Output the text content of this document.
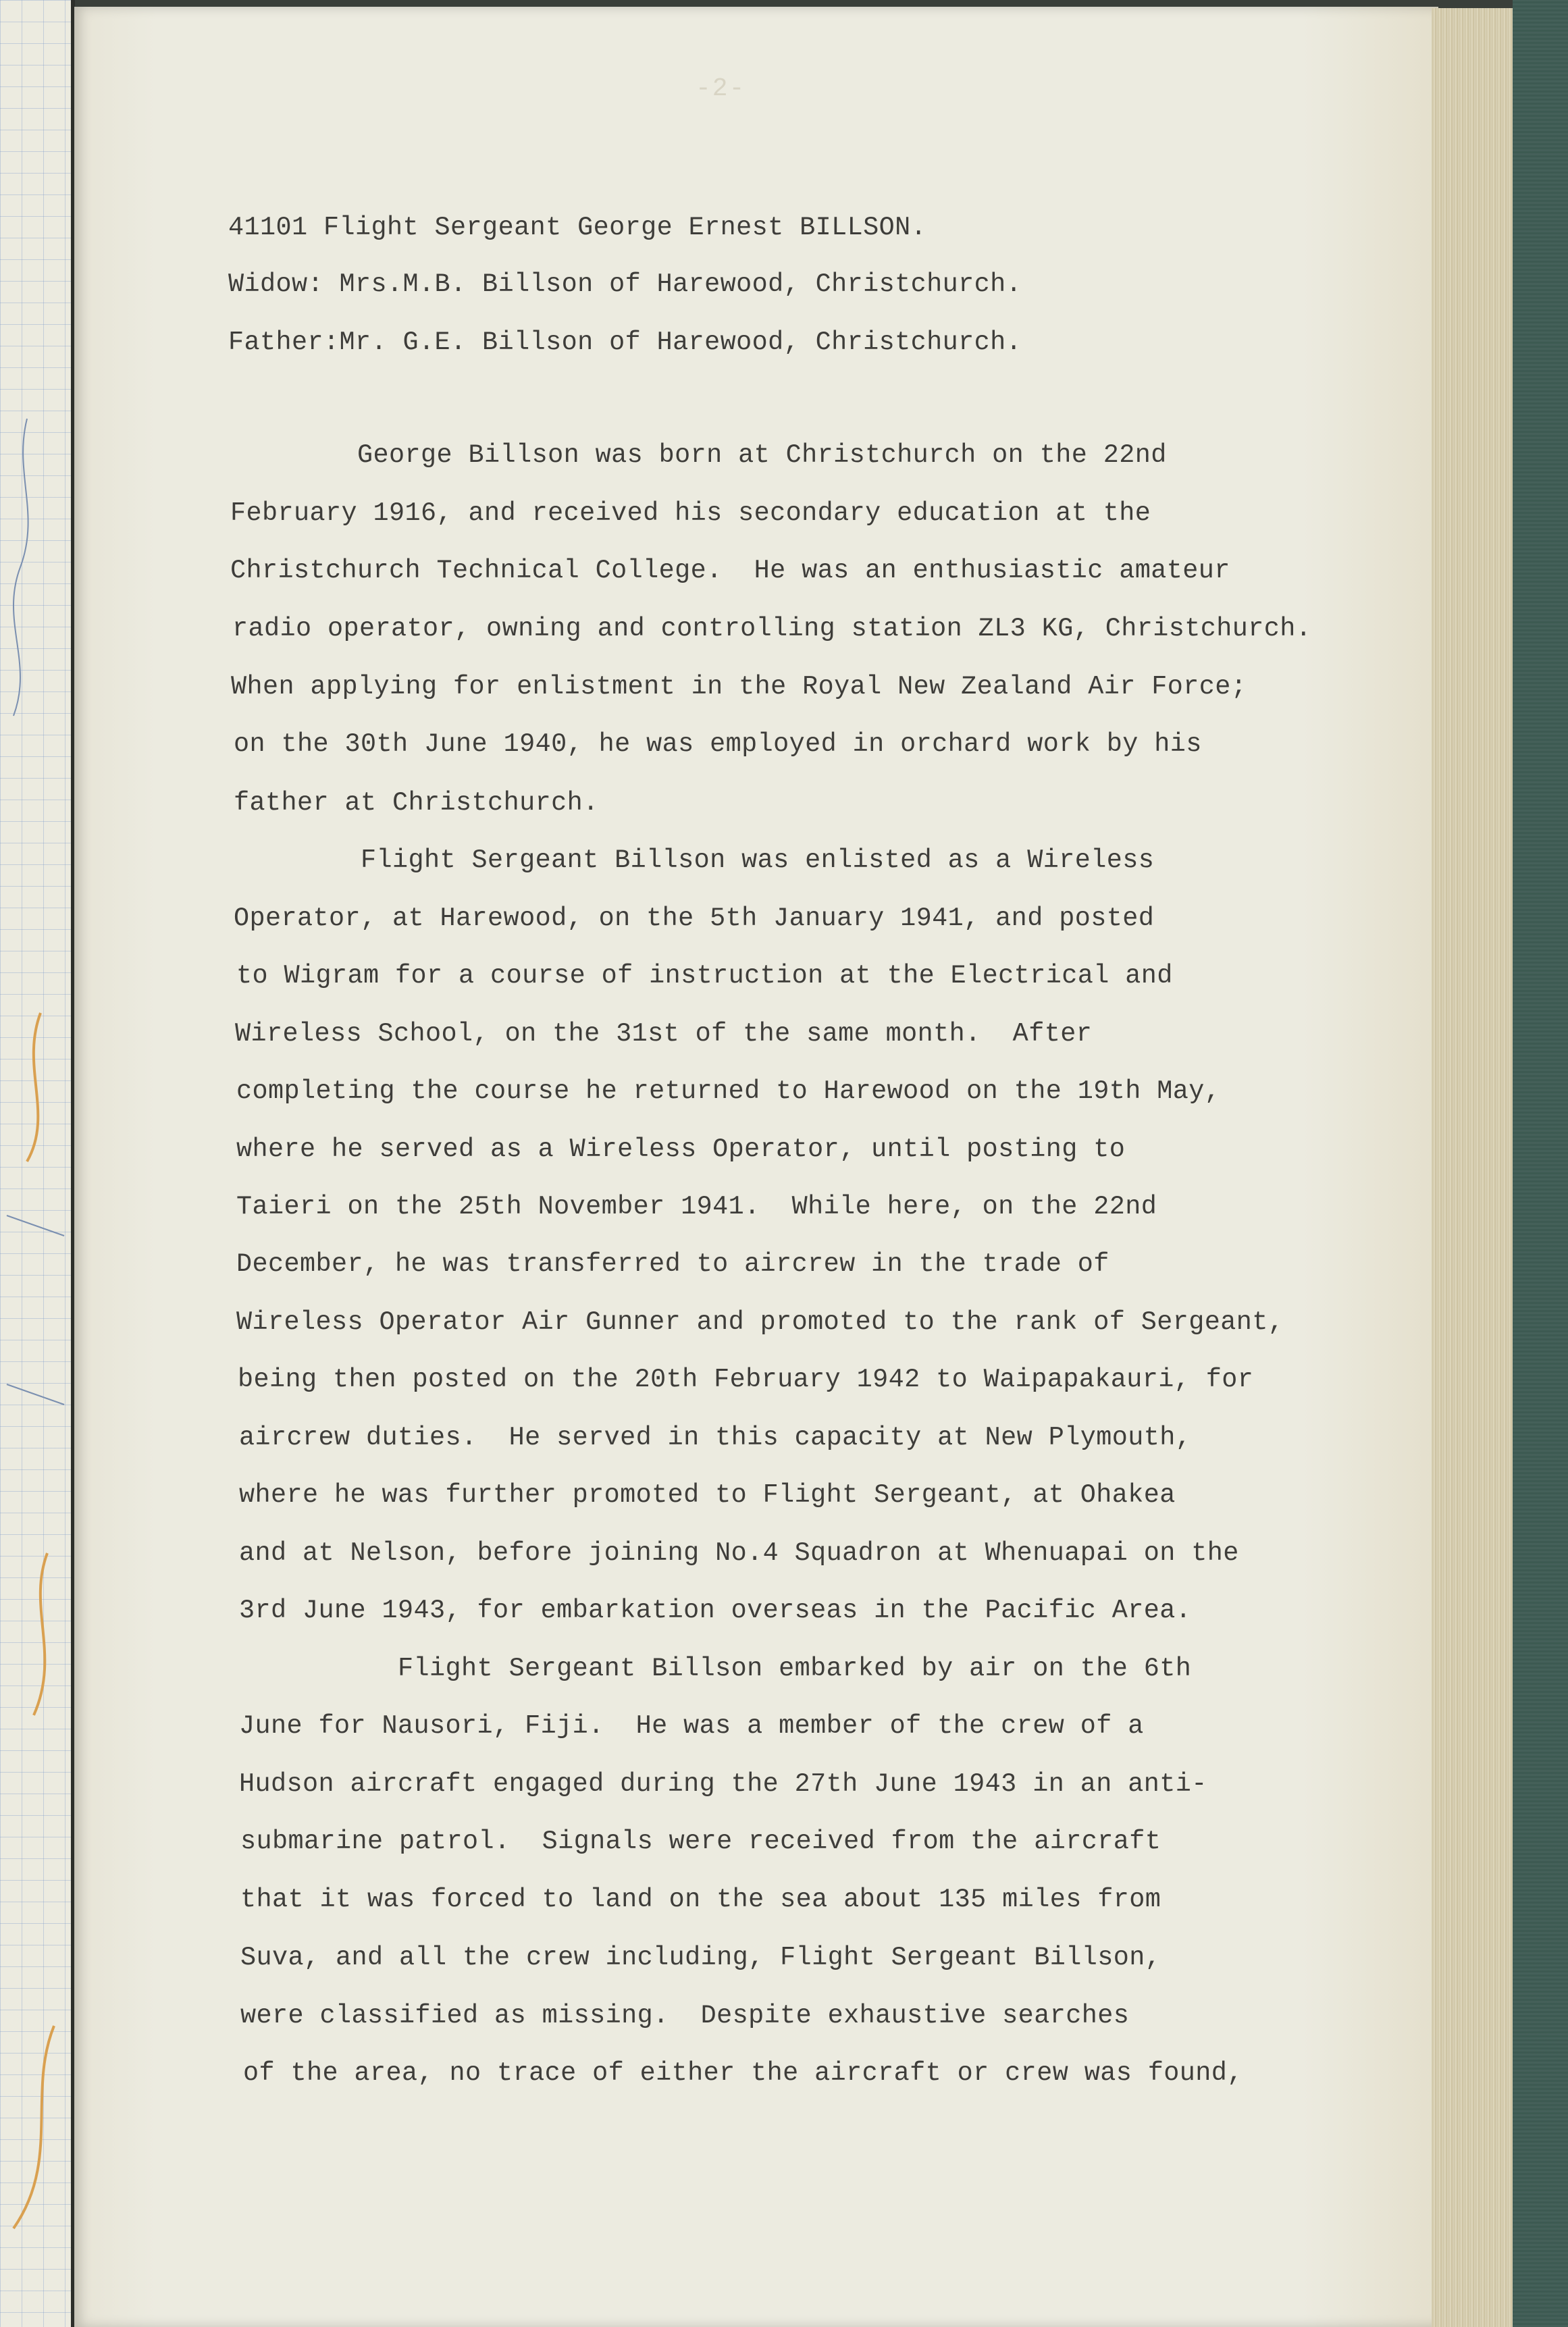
-2-
41101 Flight Sergeant George Ernest BILLSON.
Widow: Mrs.M.B. Billson of Harewood, Christchurch.
Father:Mr. G.E. Billson of Harewood, Christchurch.
George Billson was born at Christchurch on the 22nd
February 1916, and received his secondary education at the
Christchurch Technical College.  He was an enthusiastic amateur
radio operator, owning and controlling station ZL3 KG, Christchurch.
When applying for enlistment in the Royal New Zealand Air Force;
on the 30th June 1940, he was employed in orchard work by his
father at Christchurch.
Flight Sergeant Billson was enlisted as a Wireless
Operator, at Harewood, on the 5th January 1941, and posted
to Wigram for a course of instruction at the Electrical and
Wireless School, on the 31st of the same month.  After
completing the course he returned to Harewood on the 19th May,
where he served as a Wireless Operator, until posting to
Taieri on the 25th November 1941.  While here, on the 22nd
December, he was transferred to aircrew in the trade of
Wireless Operator Air Gunner and promoted to the rank of Sergeant,
being then posted on the 20th February 1942 to Waipapakauri, for
aircrew duties.  He served in this capacity at New Plymouth,
where he was further promoted to Flight Sergeant, at Ohakea
and at Nelson, before joining No.4 Squadron at Whenuapai on the
3rd June 1943, for embarkation overseas in the Pacific Area.
Flight Sergeant Billson embarked by air on the 6th
June for Nausori, Fiji.  He was a member of the crew of a
Hudson aircraft engaged during the 27th June 1943 in an anti-
submarine patrol.  Signals were received from the aircraft
that it was forced to land on the sea about 135 miles from
Suva, and all the crew including, Flight Sergeant Billson,
were classified as missing.  Despite exhaustive searches
of the area, no trace of either the aircraft or crew was found,
